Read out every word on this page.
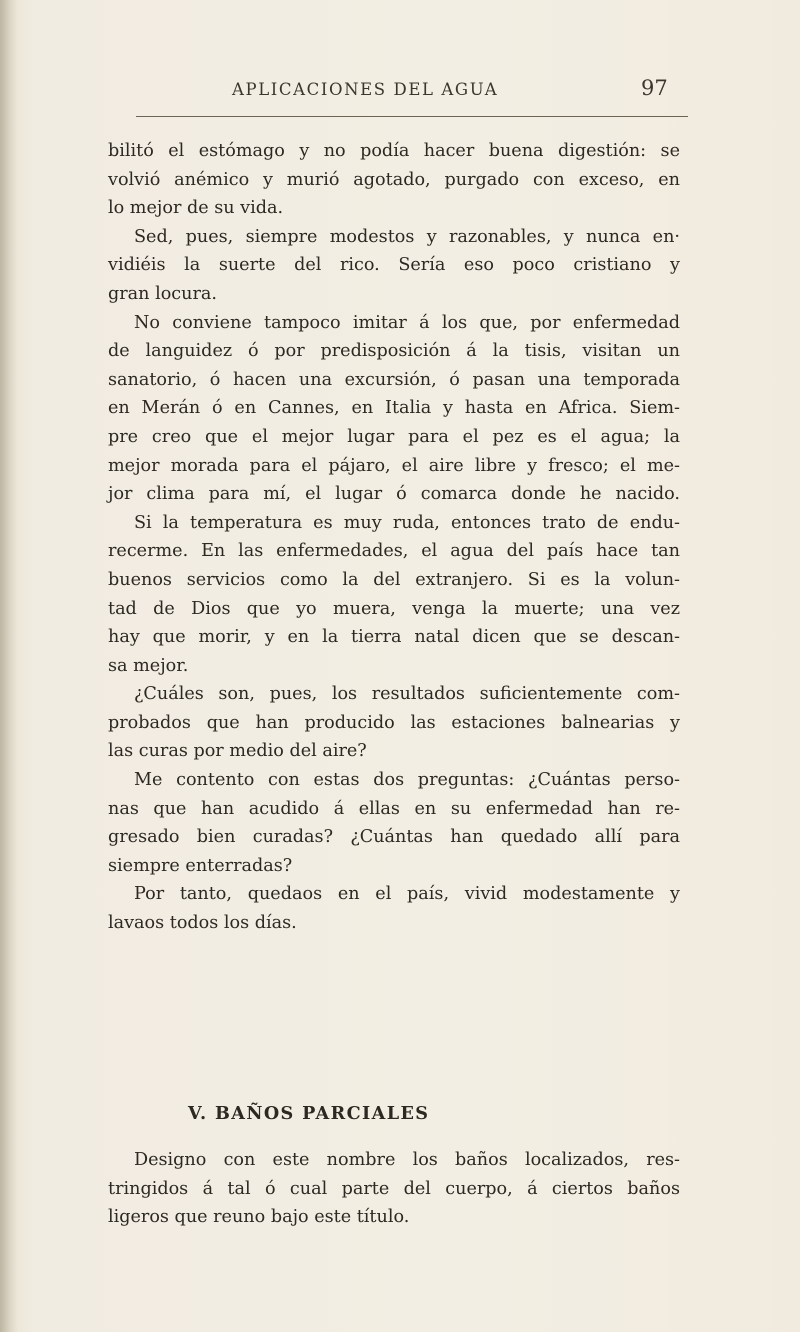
APLICACIONES DEL AGUA	97
bilitó el estómago y no podía hacer buena digestión: se
volvió anémico y murió agotado, purgado con exceso, en
lo mejor de su vida.
Sed, pues, siempre modestos y razonables, y nunca en·
vidiéis la suerte del rico. Sería eso poco cristiano y
gran locura.
No conviene tampoco imitar á los que, por enfermedad
de languidez ó por predisposición á la tisis, visitan un
sanatorio, ó hacen una excursión, ó pasan una temporada
en Merán ó en Cannes, en Italia y hasta en Africa. Siem-
pre creo que el mejor lugar para el pez es el agua; la
mejor morada para el pájaro, el aire libre y fresco; el me-
jor clima para mí, el lugar ó comarca donde he nacido.
Si la temperatura es muy ruda, entonces trato de endu-
recerme. En las enfermedades, el agua del país hace tan
buenos servicios como la del extranjero. Si es la volun-
tad de Dios que yo muera, venga la muerte; una vez
hay que morir, y en la tierra natal dicen que se descan-
sa mejor.
¿Cuáles son, pues, los resultados suficientemente com-
probados que han producido las estaciones balnearias y
las curas por medio del aire?
Me contento con estas dos preguntas: ¿Cuántas perso-
nas que han acudido á ellas en su enfermedad han re-
gresado bien curadas? ¿Cuántas han quedado allí para
siempre enterradas?
Por tanto, quedaos en el país, vivid modestamente y
lavaos todos los días.
V. BAÑOS PARCIALES
Designo con este nombre los baños localizados, res-
tringidos á tal ó cual parte del cuerpo, á ciertos baños
ligeros que reuno bajo este título.
